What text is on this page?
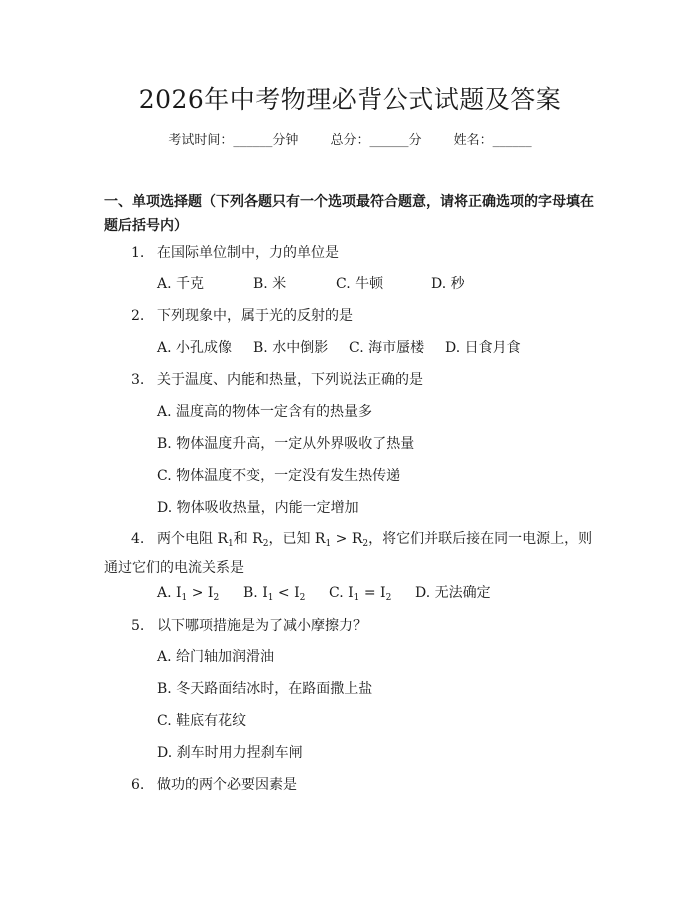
2026年中考物理必背公式试题及答案
考试时间：______分钟 总分：______分 姓名：______
一、单项选择题（下列各题只有一个选项最符合题意，请将正确选项的字母填在题后括号内）
1. 在国际单位制中，力的单位是
A. 千克	B. 米	C. 牛顿	D. 秒
2. 下列现象中，属于光的反射的是
A. 小孔成像 B. 水中倒影 C. 海市蜃楼 D. 日食月食
3. 关于温度、内能和热量，下列说法正确的是
A. 温度高的物体一定含有的热量多
B. 物体温度升高，一定从外界吸收了热量
C. 物体温度不变，一定没有发生热传递
D. 物体吸收热量，内能一定增加
4. 两个电阻 $R_1$和 $R_2$，已知 $R_1 > R_2$，将它们并联后接在同一电源上，则通过它们的电流关系是
A. $I_1 > I_2$ B. $I_1 < I_2$ C. $I_1 = I_2$ D. 无法确定
5. 以下哪项措施是为了减小摩擦力？
A. 给门轴加润滑油
B. 冬天路面结冰时，在路面撒上盐
C. 鞋底有花纹
D. 刹车时用力捏刹车闸
6. 做功的两个必要因素是
